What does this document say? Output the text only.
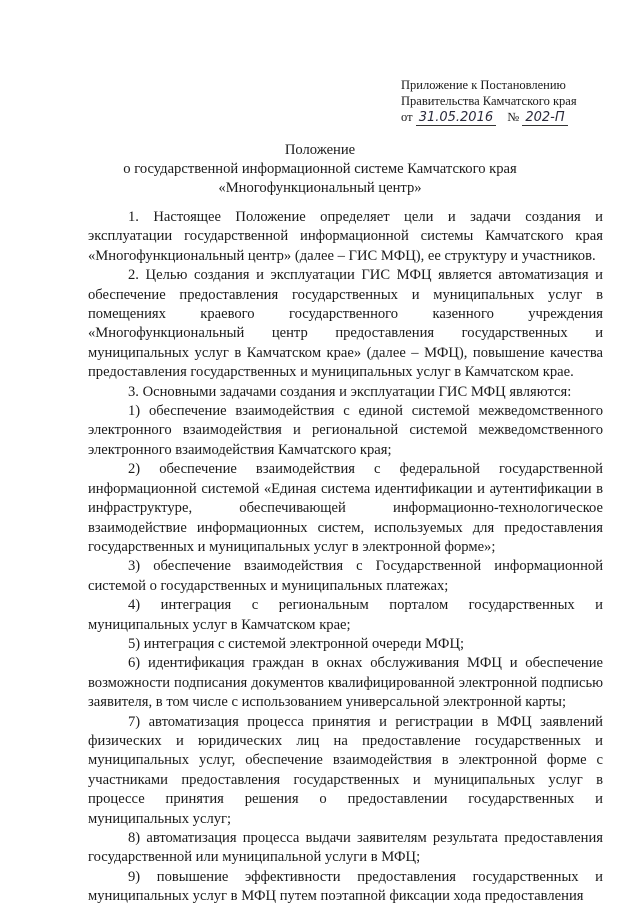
Приложение к Постановлению
Правительства Камчатского края
от 31.05.2016 № 202-П
Положение
о государственной информационной системе Камчатского края
«Многофункциональный центр»

1. Настоящее Положение определяет цели и задачи создания и эксплуатации государственной информационной системы Камчатского края «Многофункциональный центр» (далее – ГИС МФЦ), ее структуру и участников.

2. Целью создания и эксплуатации ГИС МФЦ является автоматизация и обеспечение предоставления государственных и муниципальных услуг в помещениях краевого государственного казенного учреждения «Многофункциональный центр предоставления государственных и муниципальных услуг в Камчатском крае» (далее – МФЦ), повышение качества предоставления государственных и муниципальных услуг в Камчатском крае.

3. Основными задачами создания и эксплуатации ГИС МФЦ являются:

1) обеспечение взаимодействия с единой системой межведомственного электронного взаимодействия и региональной системой межведомственного электронного взаимодействия Камчатского края;

2) обеспечение взаимодействия с федеральной государственной информационной системой «Единая система идентификации и аутентификации в инфраструктуре, обеспечивающей информационно-технологическое взаимодействие информационных систем, используемых для предоставления государственных и муниципальных услуг в электронной форме»;

3) обеспечение взаимодействия с Государственной информационной системой о государственных и муниципальных платежах;

4) интеграция с региональным порталом государственных и муниципальных услуг в Камчатском крае;

5) интеграция с системой электронной очереди МФЦ;

6) идентификация граждан в окнах обслуживания МФЦ и обеспечение возможности подписания документов квалифицированной электронной подписью заявителя, в том числе с использованием универсальной электронной карты;

7) автоматизация процесса принятия и регистрации в МФЦ заявлений физических и юридических лиц на предоставление государственных и муниципальных услуг, обеспечение взаимодействия в электронной форме с участниками предоставления государственных и муниципальных услуг в процессе принятия решения о предоставлении государственных и муниципальных услуг;

8) автоматизация процесса выдачи заявителям результата предоставления государственной или муниципальной услуги в МФЦ;

9) повышение эффективности предоставления государственных и муниципальных услуг в МФЦ путем поэтапной фиксации хода предоставления
